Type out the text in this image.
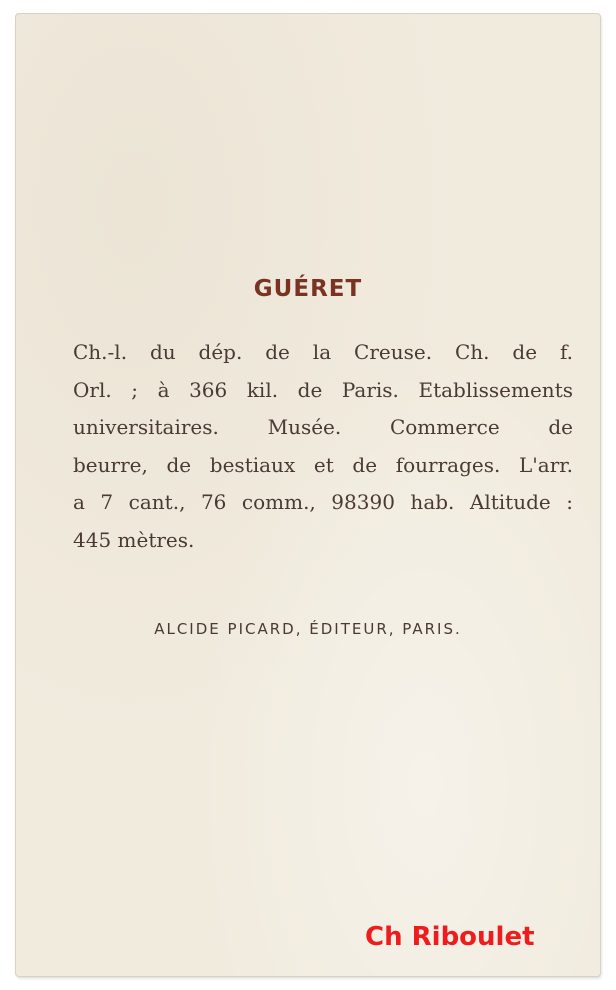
GUÉRET
Ch.-l. du dép. de la Creuse. Ch. de f.
Orl. ; à 366 kil. de Paris. Etablissements
universitaires. Musée. Commerce de
beurre, de bestiaux et de fourrages. L'arr.
a 7 cant., 76 comm., 98390 hab. Altitude :
445 mètres.
ALCIDE PICARD, ÉDITEUR, PARIS.
Ch Riboulet
